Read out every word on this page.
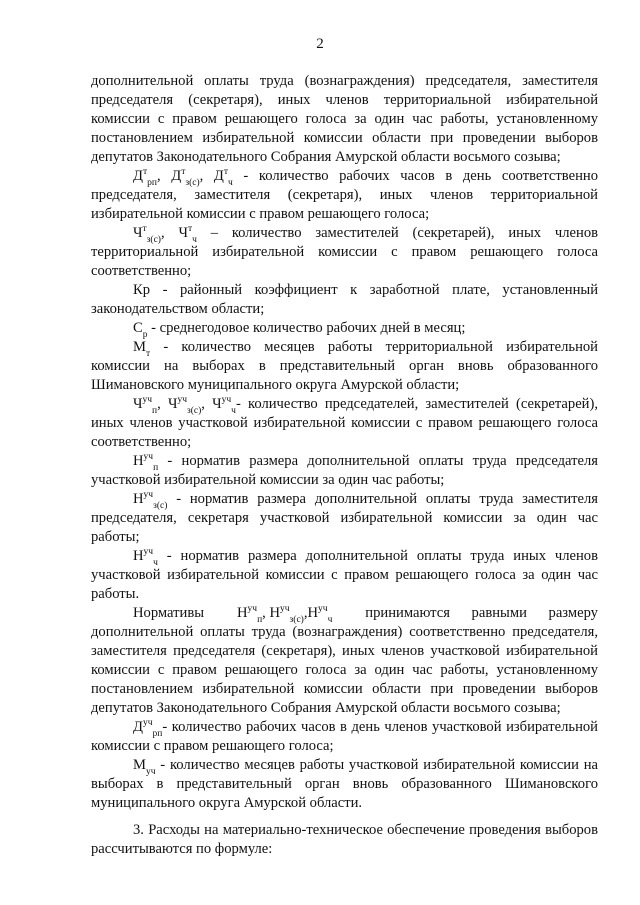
2

дополнительной оплаты труда (вознаграждения) председателя, заместителя председателя (секретаря), иных членов территориальной избирательной комиссии с правом решающего голоса за один час работы, установленному постановлением избирательной комиссии области при проведении выборов депутатов Законодательного Собрания Амурской области восьмого созыва;

$Д^т_{рп}$, $Д^т_{з(с)}$, $Д^т_ч$ - количество рабочих часов в день соответственно председателя, заместителя (секретаря), иных членов территориальной избирательной комиссии с правом решающего голоса;

$Ч^т_{з(с)}$, $Ч^т_ч$ – количество заместителей (секретарей), иных членов территориальной избирательной комиссии с правом решающего голоса соответственно;

Кр - районный коэффициент к заработной плате, установленный законодательством области;

$С_р$ - среднегодовое количество рабочих дней в месяц;

$М_т$ - количество месяцев работы территориальной избирательной комиссии на выборах в представительный орган вновь образованного Шимановского муниципального округа Амурской области;

$Ч^{уч}_п$, $Ч^{уч}_{з(с)}$, $Ч^{уч}_ч-$ количество председателей, заместителей (секретарей), иных членов участковой избирательной комиссии с правом решающего голоса соответственно;

$Н^{уч}_п$ - норматив размера дополнительной оплаты труда председателя участковой избирательной комиссии за один час работы;

$Н^{уч}_{з(с)}$ - норматив размера дополнительной оплаты труда заместителя председателя, секретаря участковой избирательной комиссии за один час работы;

$Н^{уч}_ч$ - норматив размера дополнительной оплаты труда иных членов участковой избирательной комиссии с правом решающего голоса за один час работы.

Нормативы $Н^{уч}_п$, $Н^{уч}_{з(с)},Н^{уч}_ч$ принимаются равными размеру

дополнительной оплаты труда (вознаграждения) соответственно председателя, заместителя председателя (секретаря), иных членов участковой избирательной комиссии с правом решающего голоса за один час работы, установленному постановлением избирательной комиссии области при проведении выборов депутатов Законодательного Собрания Амурской области восьмого созыва;

$Д^{уч}_{рп}-$ количество рабочих часов в день членов участковой избирательной комиссии с правом решающего голоса;

$М_{уч}$ - количество месяцев работы участковой избирательной комиссии на выборах в представительный орган вновь образованного Шимановского муниципального округа Амурской области.

3. Расходы на материально-техническое обеспечение проведения выборов рассчитываются по формуле:
